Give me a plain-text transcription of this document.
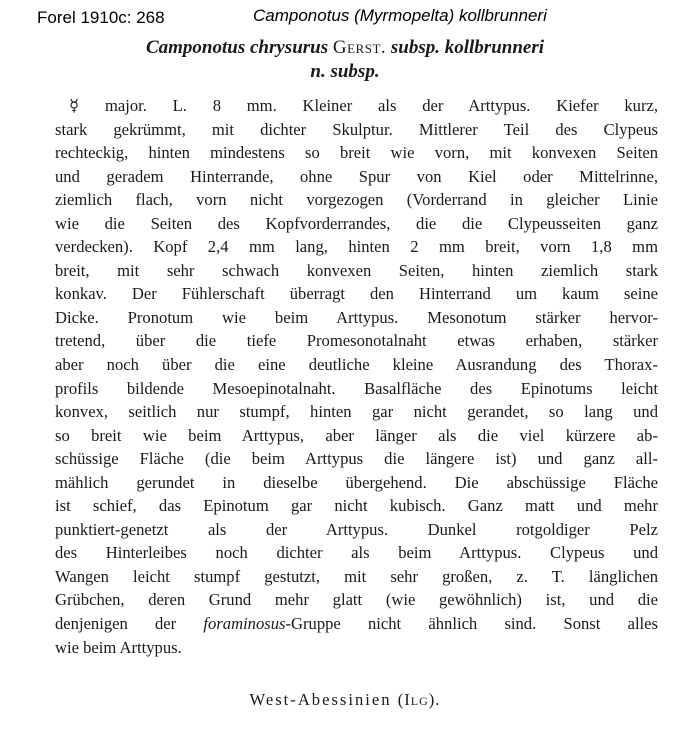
Forel 1910c: 268	Camponotus (Myrmopelta) kollbrunneri
Camponotus chrysurus Gerst. subsp. kollbrunneri
n. subsp.
☿ major. L. 8 mm. Kleiner als der Arttypus. Kiefer kurz,
stark gekrümmt, mit dichter Skulptur. Mittlerer Teil des Clypeus
rechteckig, hinten mindestens so breit wie vorn, mit konvexen Seiten
und geradem Hinterrande, ohne Spur von Kiel oder Mittelrinne,
ziemlich flach, vorn nicht vorgezogen (Vorderrand in gleicher Linie
wie die Seiten des Kopfvorderrandes, die die Clypeusseiten ganz
verdecken). Kopf 2,4 mm lang, hinten 2 mm breit, vorn 1,8 mm
breit, mit sehr schwach konvexen Seiten, hinten ziemlich stark
konkav. Der Fühlerschaft überragt den Hinterrand um kaum seine
Dicke. Pronotum wie beim Arttypus. Mesonotum stärker hervor-
tretend, über die tiefe Promesonotalnaht etwas erhaben, stärker
aber noch über die eine deutliche kleine Ausrandung des Thorax-
profils bildende Mesoepinotalnaht. Basalfläche des Epinotums leicht
konvex, seitlich nur stumpf, hinten gar nicht gerandet, so lang und
so breit wie beim Arttypus, aber länger als die viel kürzere ab-
schüssige Fläche (die beim Arttypus die längere ist) und ganz all-
mählich gerundet in dieselbe übergehend. Die abschüssige Fläche
ist schief, das Epinotum gar nicht kubisch. Ganz matt und mehr
punktiert-genetzt als der Arttypus. Dunkel rotgoldiger Pelz
des Hinterleibes noch dichter als beim Arttypus. Clypeus und
Wangen leicht stumpf gestutzt, mit sehr großen, z. T. länglichen
Grübchen, deren Grund mehr glatt (wie gewöhnlich) ist, und die
denjenigen der foraminosus-Gruppe nicht ähnlich sind. Sonst alles
wie beim Arttypus.
West-Abessinien (Ilg).
